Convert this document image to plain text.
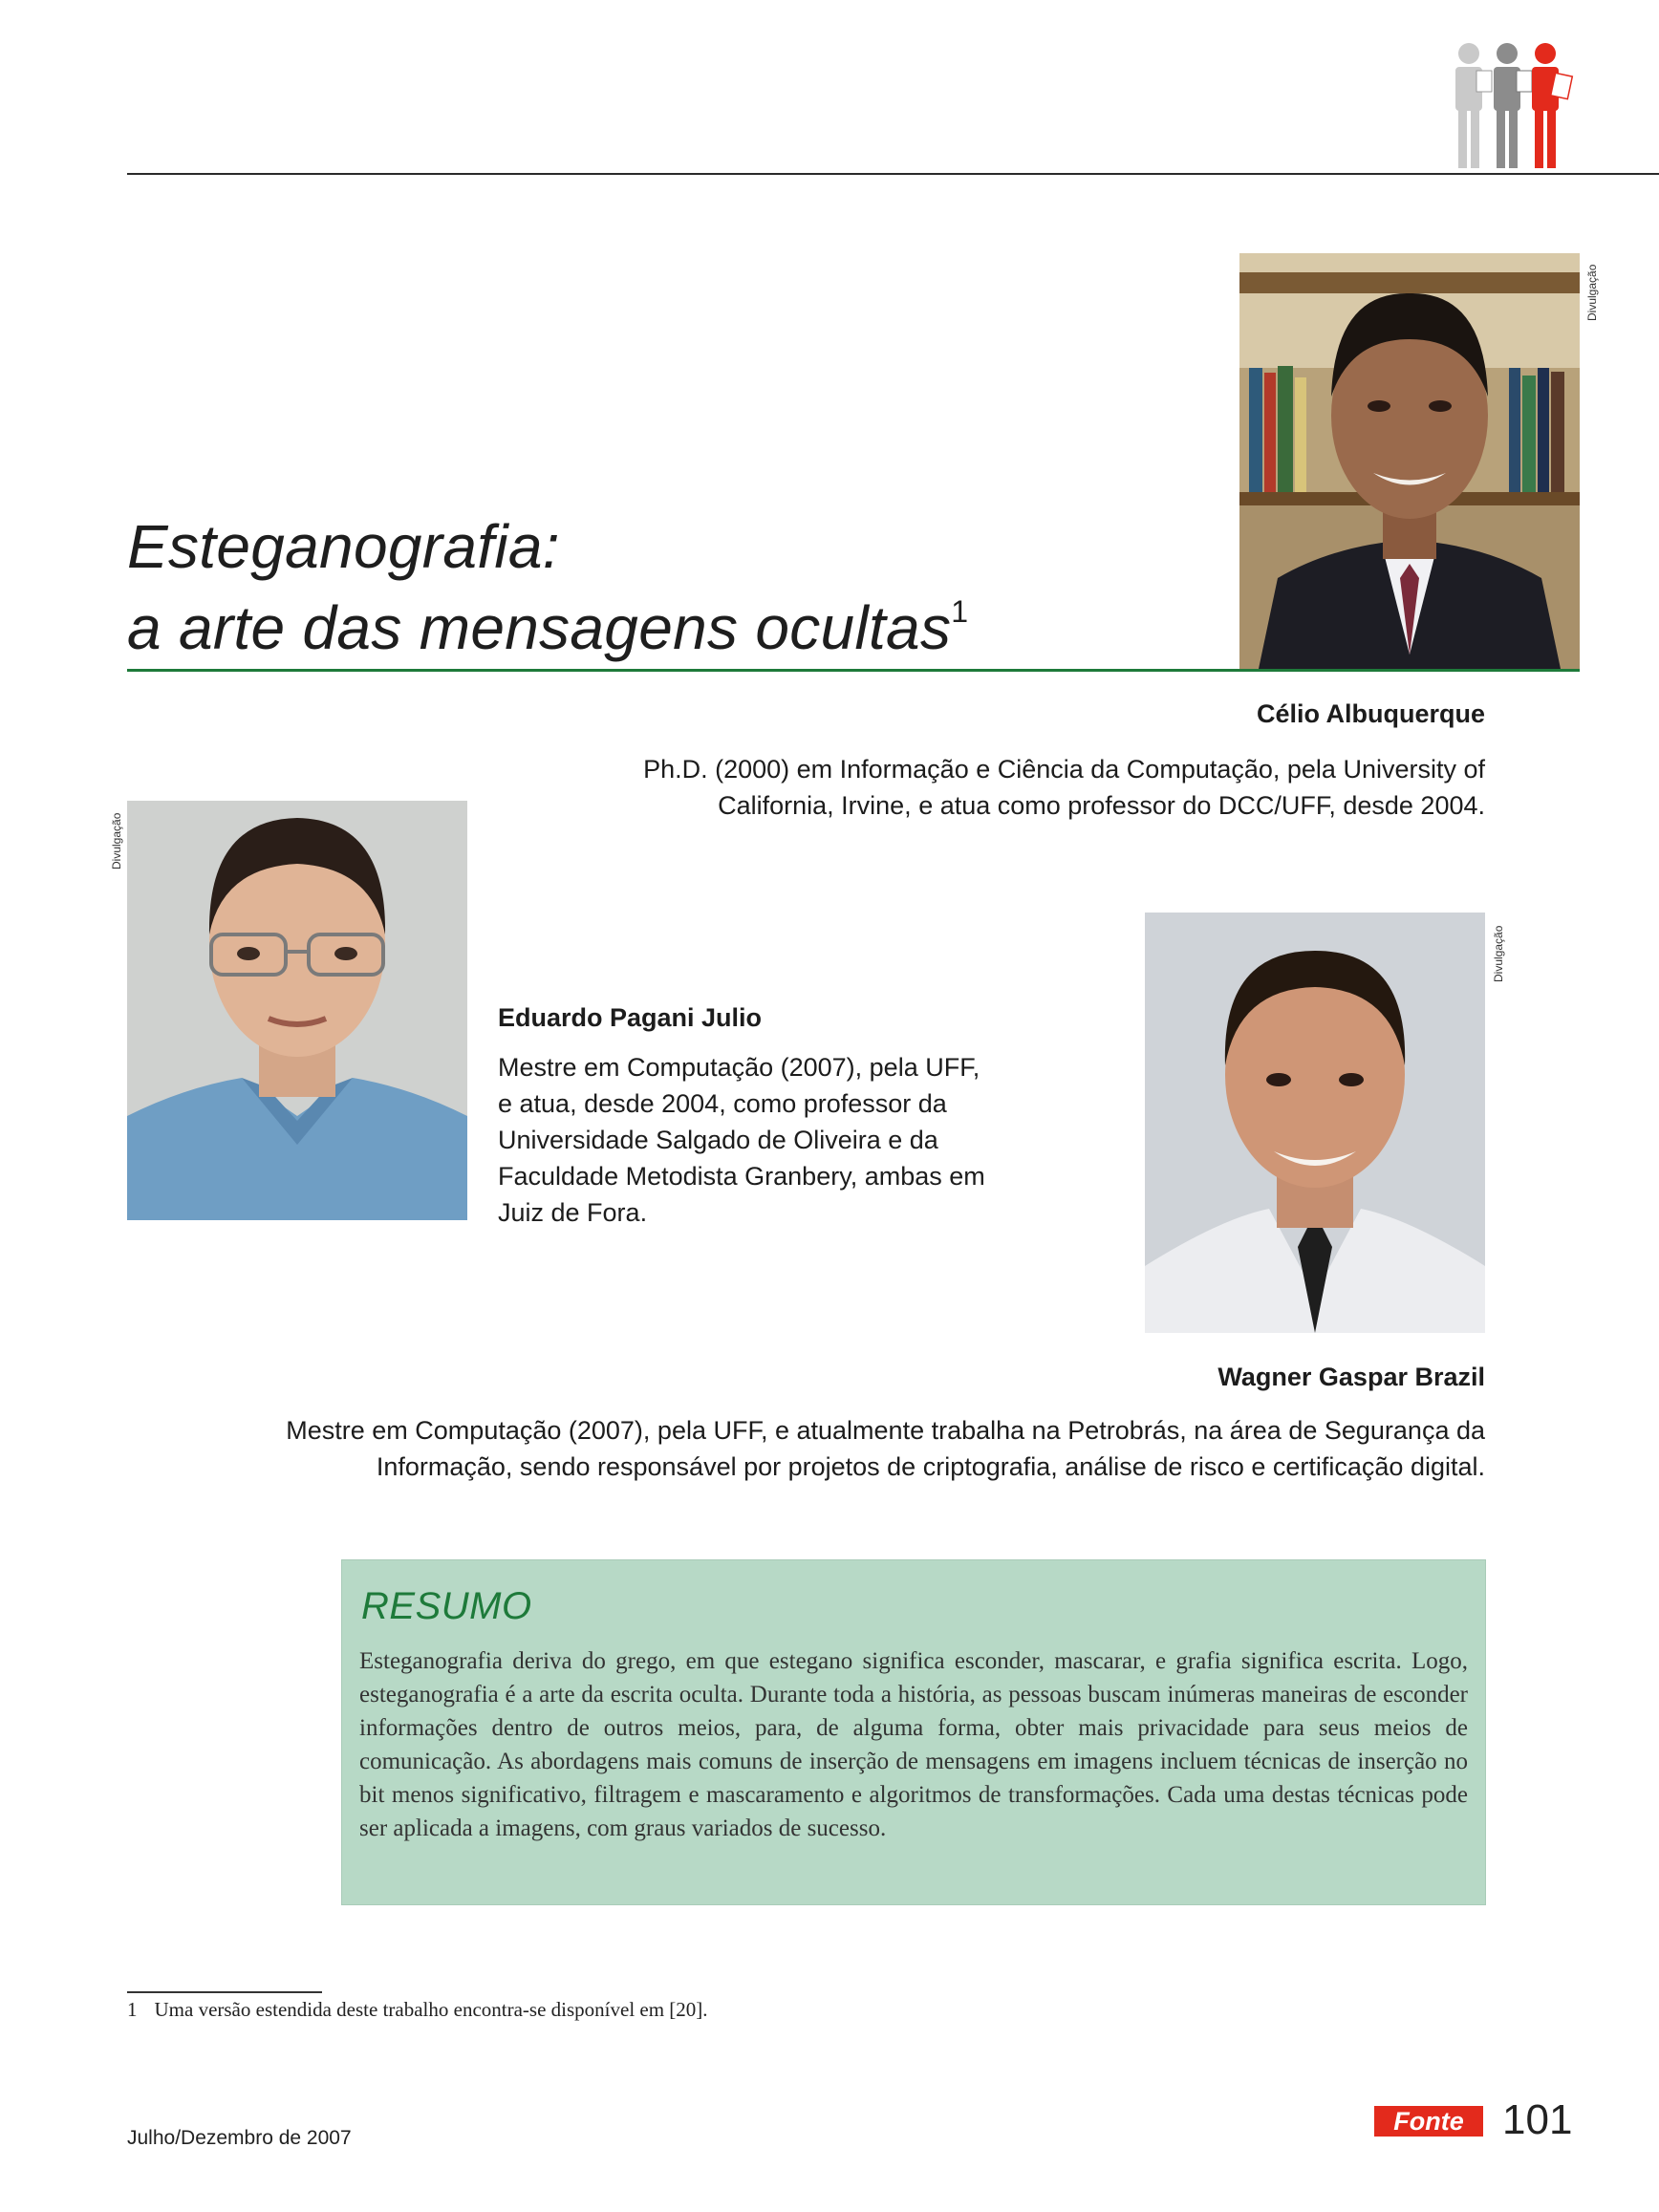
Esteganografia:
a arte das mensagens ocultas$^1$
Divulgação
Célio Albuquerque
Ph.D. (2000) em Informação e Ciência da Computação, pela University of
California, Irvine, e atua como professor do DCC/UFF, desde 2004.
Divulgação
Eduardo Pagani Julio
Mestre em Computação (2007), pela UFF,
e atua, desde 2004, como professor da
Universidade Salgado de Oliveira e da
Faculdade Metodista Granbery, ambas em
Juiz de Fora.
Divulgação
Wagner Gaspar Brazil
Mestre em Computação (2007), pela UFF, e atualmente trabalha na Petrobrás, na área de Segurança da
Informação, sendo responsável por projetos de criptografia, análise de risco e certificação digital.
RESUMO
Esteganografia deriva do grego, em que estegano significa esconder, mascarar, e grafia significa escrita. Logo, esteganografia é a arte da escrita oculta. Durante toda a história, as pessoas buscam inúmeras maneiras de esconder informações dentro de outros meios, para, de alguma forma, obter mais privacidade para seus meios de comunicação. As abordagens mais comuns de inserção de mensagens em imagens incluem técnicas de inserção no bit menos significativo, filtragem e mascaramento e algoritmos de transformações. Cada uma destas técnicas pode ser aplicada a imagens, com graus variados de sucesso.
1 Uma versão estendida deste trabalho encontra-se disponível em [20].
Julho/Dezembro de 2007
Fonte 101
